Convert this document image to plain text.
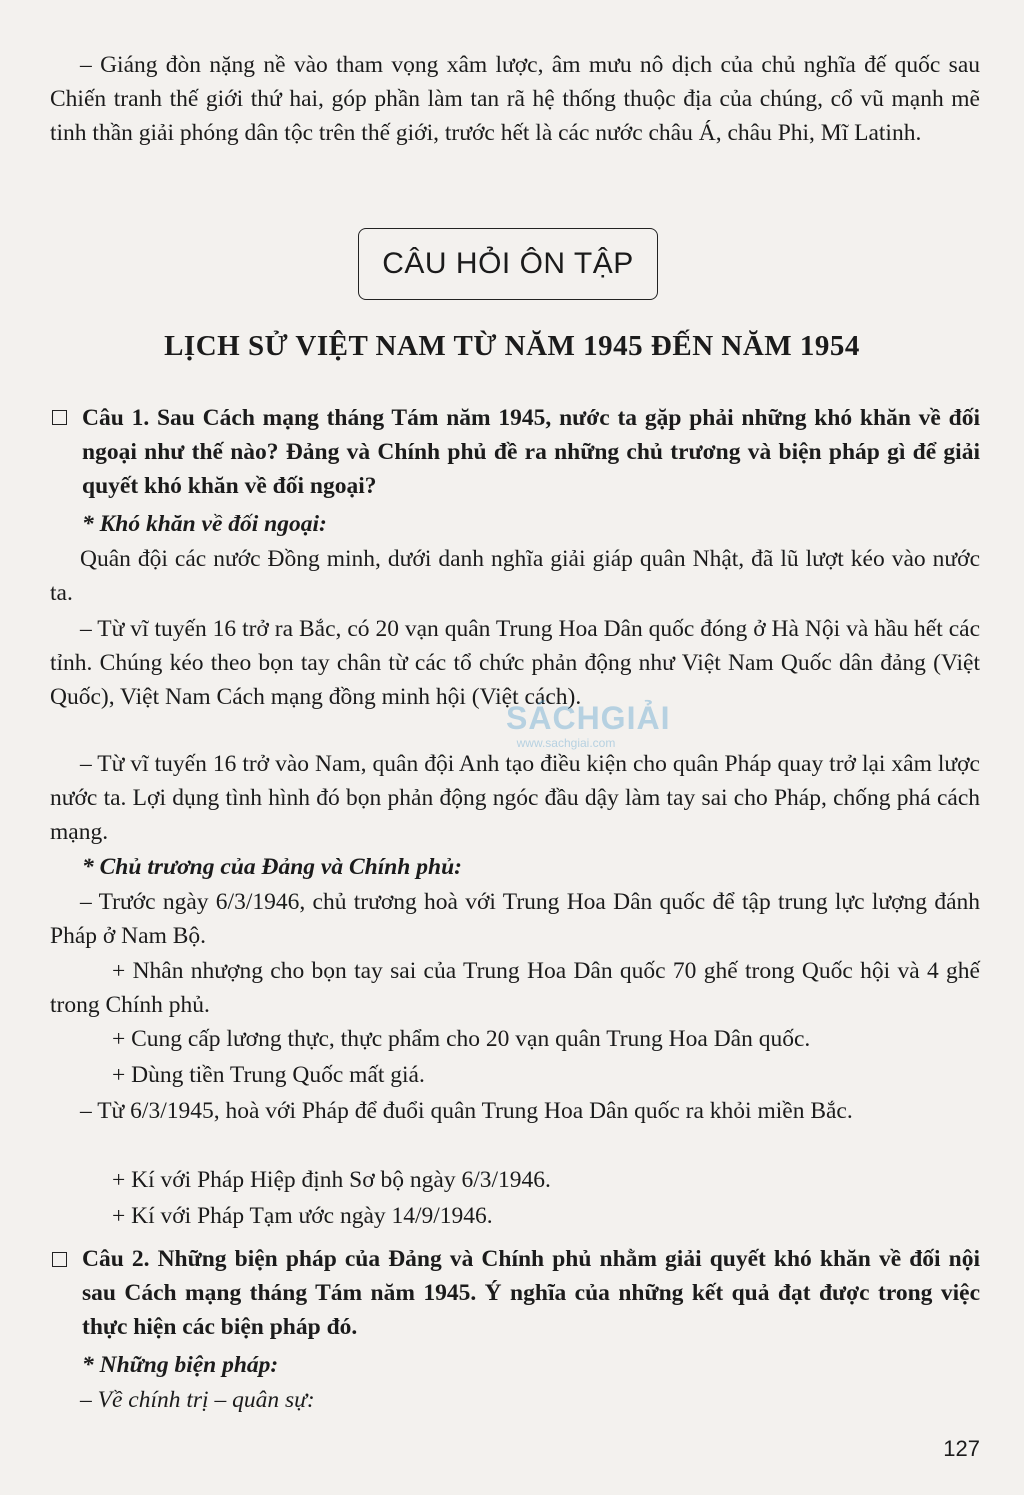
– Giáng đòn nặng nề vào tham vọng xâm lược, âm mưu nô dịch của chủ nghĩa đế quốc sau Chiến tranh thế giới thứ hai, góp phần làm tan rã hệ thống thuộc địa của chúng, cổ vũ mạnh mẽ tinh thần giải phóng dân tộc trên thế giới, trước hết là các nước châu Á, châu Phi, Mĩ Latinh.

CÂU HỎI ÔN TẬP
LỊCH SỬ VIỆT NAM TỪ NĂM 1945 ĐẾN NĂM 1954

Câu 1. Sau Cách mạng tháng Tám năm 1945, nước ta gặp phải những khó khăn về đối ngoại như thế nào? Đảng và Chính phủ đề ra những chủ trương và biện pháp gì để giải quyết khó khăn về đối ngoại?

* Khó khăn về đối ngoại:

Quân đội các nước Đồng minh, dưới danh nghĩa giải giáp quân Nhật, đã lũ lượt kéo vào nước ta.

– Từ vĩ tuyến 16 trở ra Bắc, có 20 vạn quân Trung Hoa Dân quốc đóng ở Hà Nội và hầu hết các tỉnh. Chúng kéo theo bọn tay chân từ các tổ chức phản động như Việt Nam Quốc dân đảng (Việt Quốc), Việt Nam Cách mạng đồng minh hội (Việt cách).

– Từ vĩ tuyến 16 trở vào Nam, quân đội Anh tạo điều kiện cho quân Pháp quay trở lại xâm lược nước ta. Lợi dụng tình hình đó bọn phản động ngóc đầu dậy làm tay sai cho Pháp, chống phá cách mạng.

* Chủ trương của Đảng và Chính phủ:

– Trước ngày 6/3/1946, chủ trương hoà với Trung Hoa Dân quốc để tập trung lực lượng đánh Pháp ở Nam Bộ.

+ Nhân nhượng cho bọn tay sai của Trung Hoa Dân quốc 70 ghế trong Quốc hội và 4 ghế trong Chính phủ.

+ Cung cấp lương thực, thực phẩm cho 20 vạn quân Trung Hoa Dân quốc.

+ Dùng tiền Trung Quốc mất giá.

– Từ 6/3/1945, hoà với Pháp để đuổi quân Trung Hoa Dân quốc ra khỏi miền Bắc.

+ Kí với Pháp Hiệp định Sơ bộ ngày 6/3/1946.

+ Kí với Pháp Tạm ước ngày 14/9/1946.

Câu 2. Những biện pháp của Đảng và Chính phủ nhằm giải quyết khó khăn về đối nội sau Cách mạng tháng Tám năm 1945. Ý nghĩa của những kết quả đạt được trong việc thực hiện các biện pháp đó.

* Những biện pháp:

– Về chính trị – quân sự:

SÁCHGIẢI
www.sachgiai.com
127
